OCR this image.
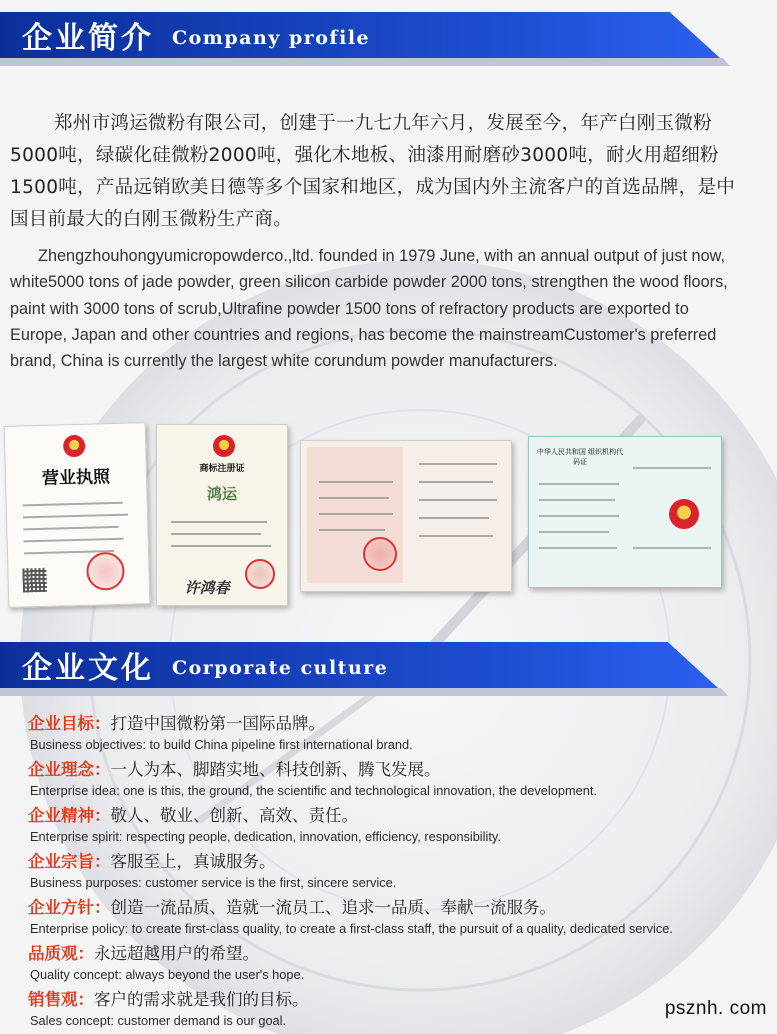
企业简介 Company profile
郑州市鸿运微粉有限公司，创建于一九七九年六月，发展至今，年产白刚玉微粉5000吨，绿碳化硅微粉2000吨，强化木地板、油漆用耐磨砂3000吨，耐火用超细粉1500吨，产品远销欧美日德等多个国家和地区，成为国内外主流客户的首选品牌，是中国目前最大的白刚玉微粉生产商。
Zhengzhouhongyumicropowderco.,ltd. founded in 1979 June, with an annual output of just now, white5000 tons of jade powder, green silicon carbide powder 2000 tons, strengthen the wood floors, paint with 3000 tons of scrub,Ultrafine powder 1500 tons of refractory products are exported to Europe, Japan and other countries and regions, has become the mainstreamCustomer's preferred brand, China is currently the largest white corundum powder manufacturers.
营业执照	商标注册证
鸿运
许鸿春
中华人民共和国 组织机构代码证
企业文化 Corporate culture
企业目标：打造中国微粉第一国际品牌。
Business objectives: to build China pipeline first international brand.
企业理念：一人为本、脚踏实地、科技创新、腾飞发展。
Enterprise idea: one is this, the ground, the scientific and technological innovation, the development.
企业精神：敬人、敬业、创新、高效、责任。
Enterprise spirit: respecting people, dedication, innovation, efficiency, responsibility.
企业宗旨：客服至上，真诚服务。
Business purposes: customer service is the first, sincere service.
企业方针：创造一流品质、造就一流员工、追求一品质、奉献一流服务。
Enterprise policy: to create first-class quality, to create a first-class staff, the pursuit of a quality, dedicated service.
品质观：永远超越用户的希望。
Quality concept: always beyond the user's hope.
销售观：客户的需求就是我们的目标。
Sales concept: customer demand is our goal.
psznh. com
